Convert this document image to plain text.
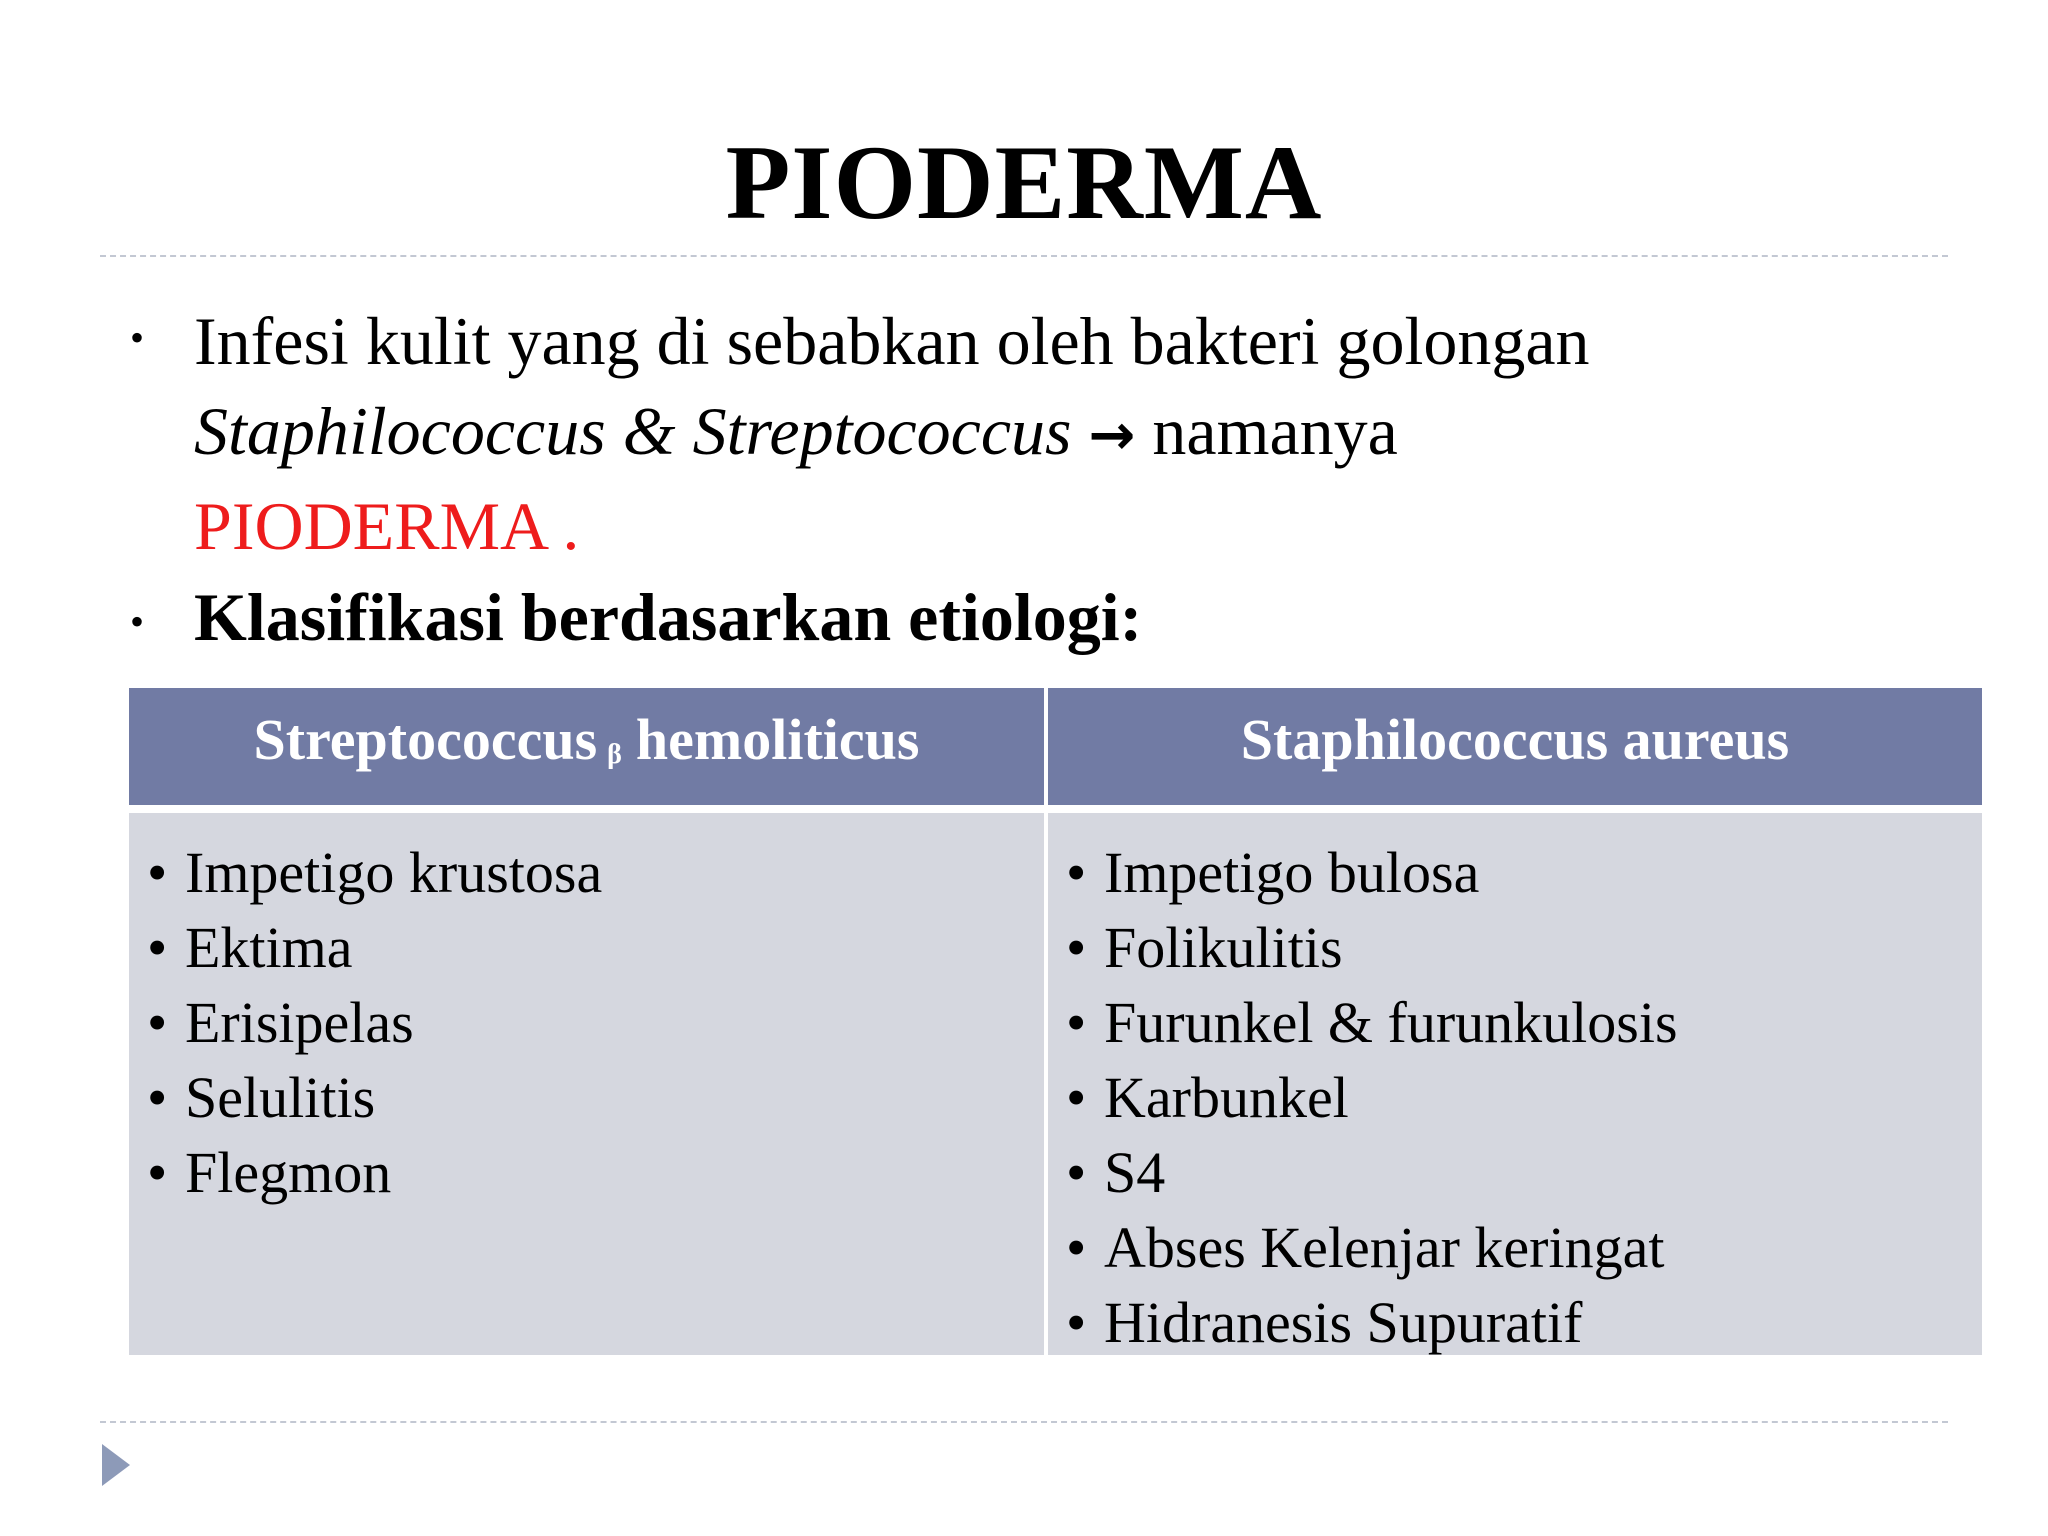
PIODERMA
• Infesi kulit yang di sebabkan oleh bakteri golongan
Staphilococcus & Streptococcus → namanya
PIODERMA .
• Klasifikasi berdasarkan etiologi:
Streptococcus β hemoliticus	Staphilococcus aureus
• Impetigo krustosa
• Ektima
• Erisipelas
• Selulitis
• Flegmon
• Impetigo bulosa
• Folikulitis
• Furunkel & furunkulosis
• Karbunkel
• S4
• Abses Kelenjar keringat
• Hidranesis Supuratif
